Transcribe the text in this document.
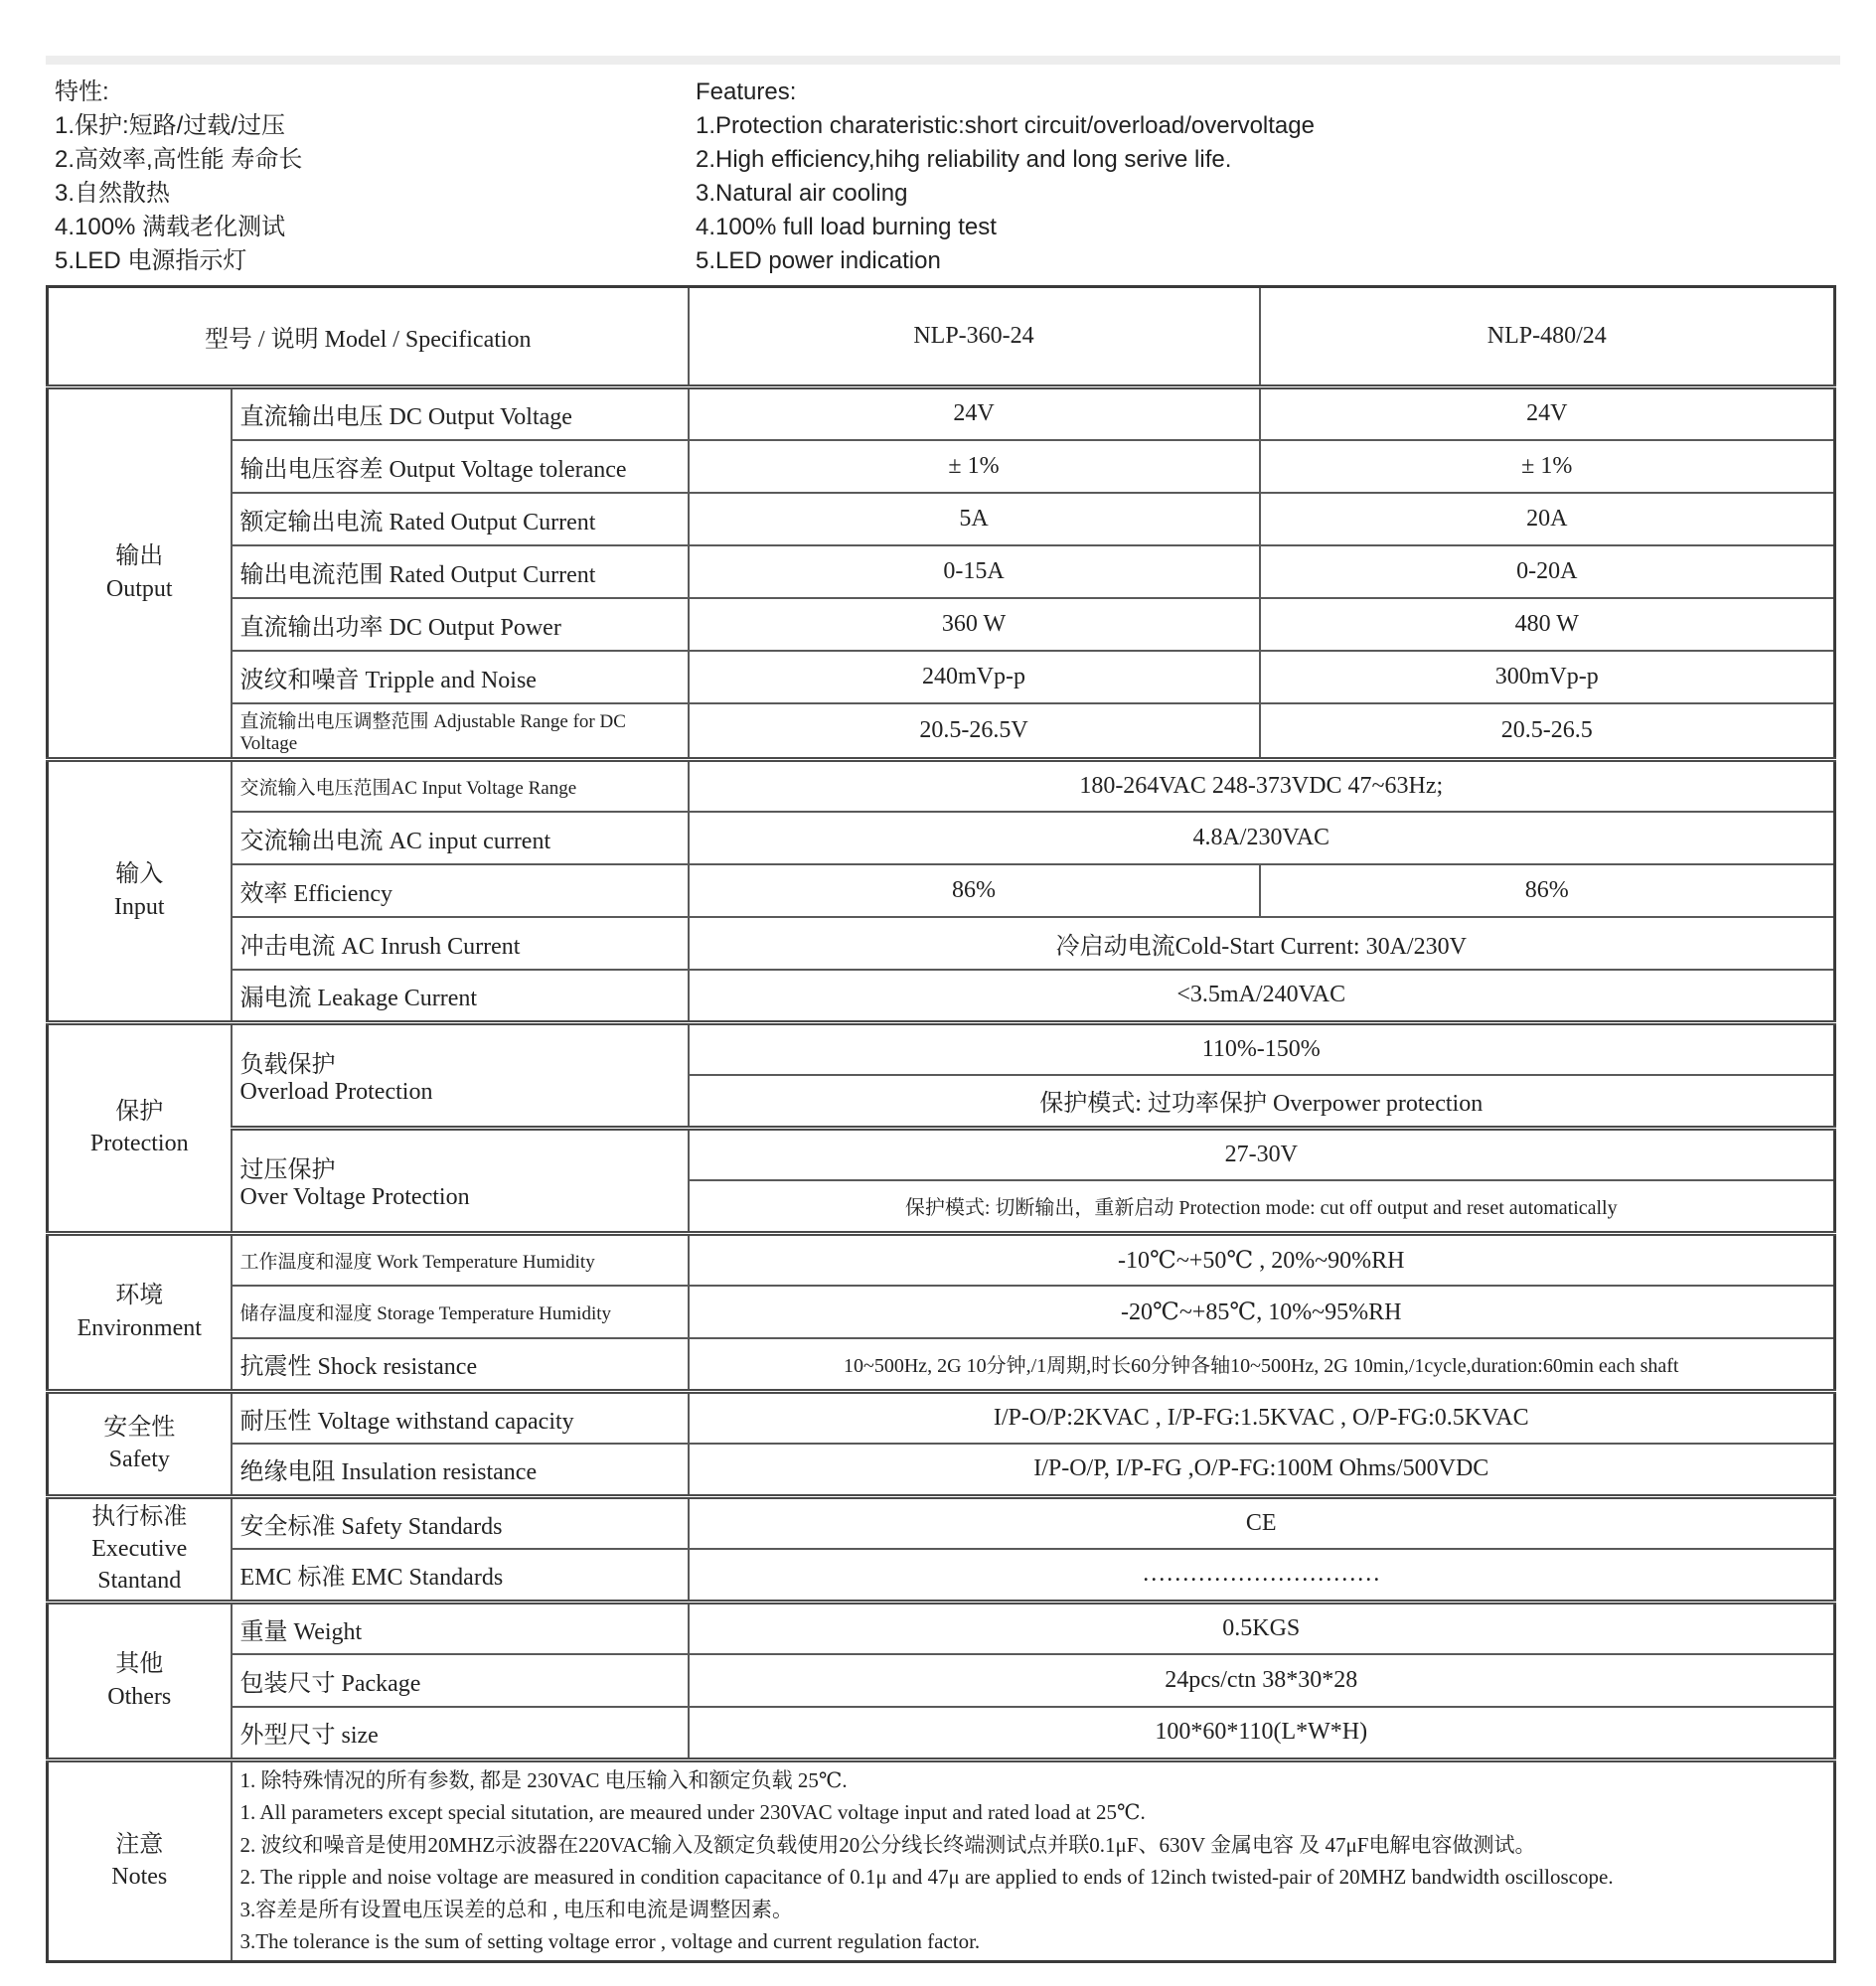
特性:
1.保护:短路/过载/过压
2.高效率,高性能 寿命长
3.自然散热
4.100% 满载老化测试
5.LED 电源指示灯
Features:
1.Protection charateristic:short circuit/overload/overvoltage
2.High efficiency,hihg reliability and long serive life.
3.Natural air cooling
4.100% full load burning test
5.LED power indication
型号 / 说明 Model / Specification		NLP-360-24	NLP-480/24
输出
Output	直流输出电压 DC Output Voltage	24V	24V
	输出电压容差 Output Voltage tolerance	± 1%	± 1%
	额定输出电流 Rated Output Current	5A	20A
	输出电流范围 Rated Output Current	0-15A	0-20A
	直流输出功率 DC Output Power	360 W	480 W
	波纹和噪音 Tripple and Noise	240mVp-p	300mVp-p
	直流输出电压调整范围 Adjustable Range for DC Voltage	20.5-26.5V	20.5-26.5
输入
Input	交流输入电压范围AC Input Voltage Range	180-264VAC 248-373VDC 47~63Hz;	
	交流输出电流 AC input current	4.8A/230VAC	
	效率 Efficiency	86%	86%
	冲击电流 AC Inrush Current	冷启动电流Cold-Start Current: 30A/230V	
	漏电流 Leakage Current	<3.5mA/240VAC	
保护
Protection	负载保护
Overload Protection	110%-150%	
		保护模式: 过功率保护 Overpower protection	
	过压保护
Over Voltage Protection	27-30V	
		保护模式: 切断输出，重新启动 Protection mode: cut off output and reset automatically	
环境
Environment	工作温度和湿度 Work Temperature Humidity	-10℃~+50℃ , 20%~90%RH	
	储存温度和湿度 Storage Temperature Humidity	-20℃~+85℃, 10%~95%RH	
	抗震性 Shock resistance	10~500Hz, 2G 10分钟,/1周期,时长60分钟各轴10~500Hz, 2G 10min,/1cycle,duration:60min each shaft	
安全性
Safety	耐压性 Voltage withstand capacity	I/P-O/P:2KVAC , I/P-FG:1.5KVAC , O/P-FG:0.5KVAC	
	绝缘电阻 Insulation resistance	I/P-O/P, I/P-FG ,O/P-FG:100M Ohms/500VDC	
执行标准
Executive
Stantand	安全标准 Safety Standards	CE	
	EMC 标准 EMC Standards	…………………………	
其他
Others	重量 Weight	0.5KGS	
	包装尺寸 Package	24pcs/ctn 38*30*28	
	外型尺寸 size	100*60*110(L*W*H)	
注意
Notes	
1. 除特殊情况的所有参数, 都是 230VAC 电压输入和额定负载 25℃.
1. All parameters except special situtation, are meaured under 230VAC voltage input and rated load at 25℃.
2. 波纹和噪音是使用20MHZ示波器在220VAC输入及额定负载使用20公分线长终端测试点并联0.1μF、630V 金属电容 及 47μF电解电容做测试。
2. The ripple and noise voltage are measured in condition capacitance of 0.1μ and 47μ are applied to ends of 12inch twisted-pair of 20MHZ bandwidth oscilloscope.
3.容差是所有设置电压误差的总和 , 电压和电流是调整因素。
3.The tolerance is the sum of setting voltage error , voltage and current regulation factor.
